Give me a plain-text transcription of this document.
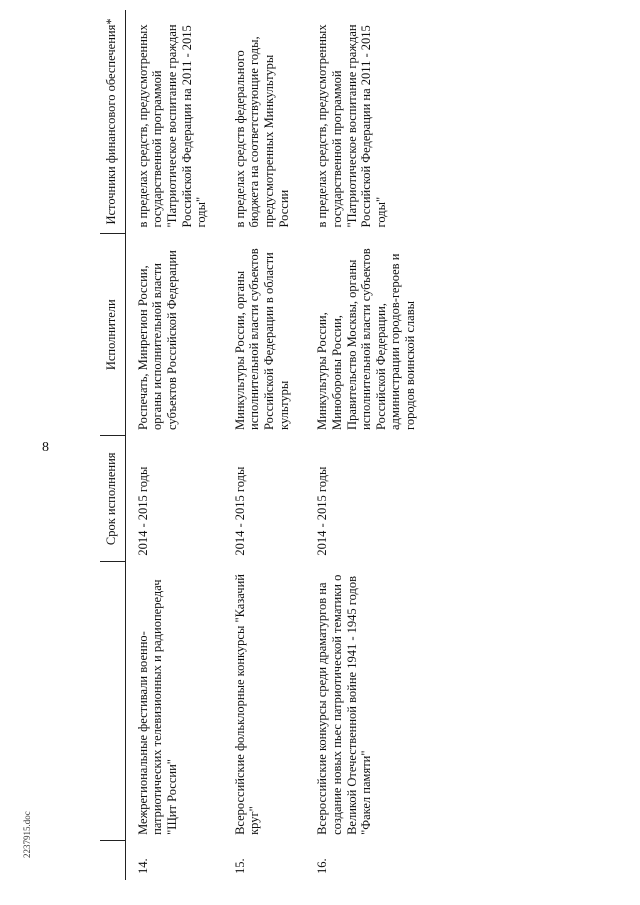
8
		Срок исполнения	Исполнители	Источники финансового обеспечения*
14.	Межрегиональные фестивали военно-патриотических телевизионных и радиопередач "Щит России"	2014 - 2015 годы	Роспечать, Минрегион России, органы исполнительной власти субъектов Российской Федерации	в пределах средств, предусмотренных государственной программой "Патриотическое воспитание граждан Российской Федерации на 2011 - 2015 годы"
15.	Всероссийские фольклорные конкурсы "Казачий круг"	2014 - 2015 годы	Минкультуры России, органы исполнительной власти субъектов Российской Федерации в области культуры	в пределах средств федерального бюджета на соответствующие годы, предусмотренных Минкультуры России
16.	Всероссийские конкурсы среди драматургов на создание новых пьес патриотической тематики о Великой Отечественной войне 1941 - 1945 годов "Факел памяти"	2014 - 2015 годы	Минкультуры России, Минобороны России, Правительство Москвы, органы исполнительной власти субъектов Российской Федерации, администрации городов-героев и городов воинской славы	в пределах средств, предусмотренных государственной программой "Патриотическое воспитание граждан Российской Федерации на 2011 - 2015 годы"
2237915.doc
